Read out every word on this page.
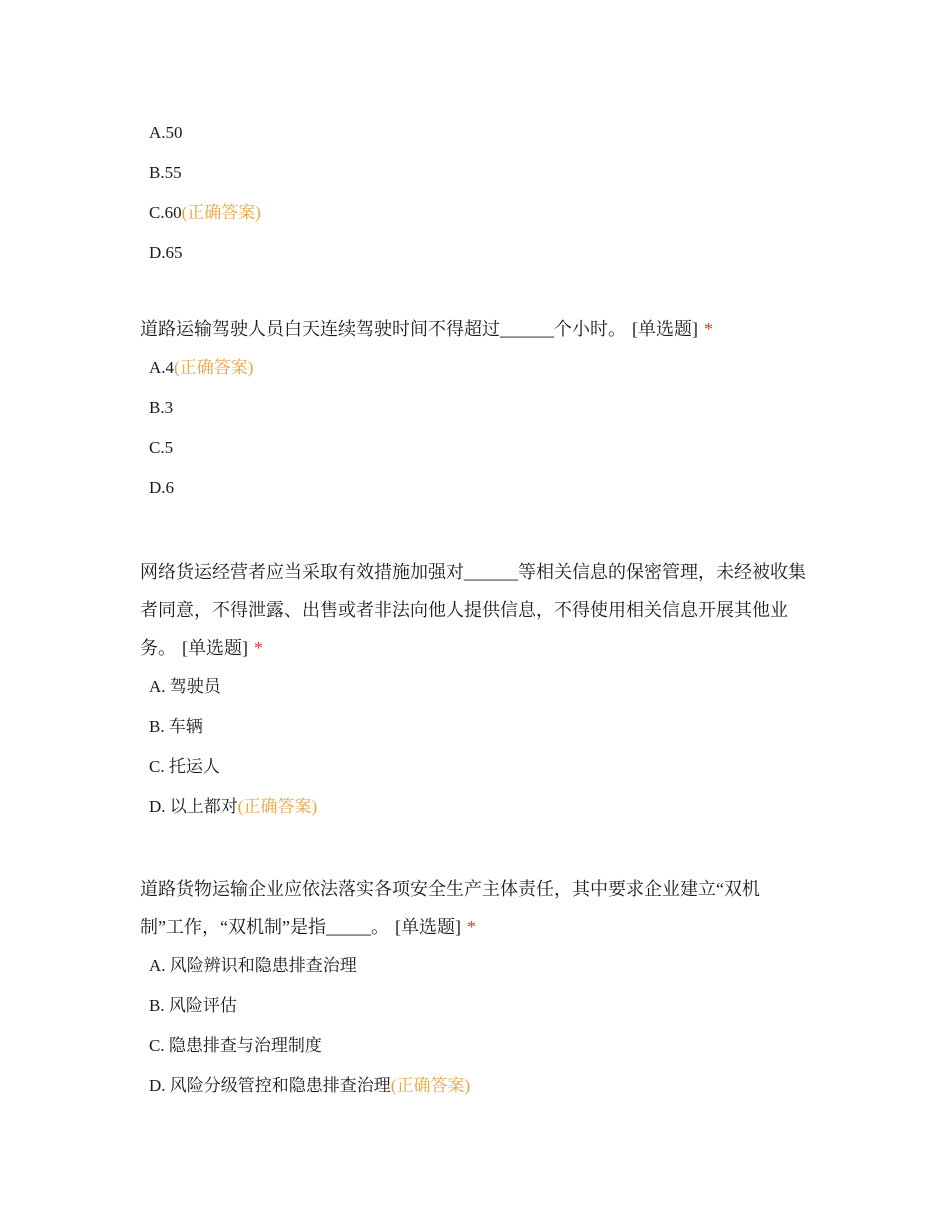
A.50
B.55
C.60(正确答案)
D.65
道路运输驾驶人员白天连续驾驶时间不得超过______个小时。 [单选题] *
A.4(正确答案)
B.3
C.5
D.6
网络货运经营者应当采取有效措施加强对______等相关信息的保密管理，未经被收集者同意，不得泄露、出售或者非法向他人提供信息，不得使用相关信息开展其他业务。 [单选题] *
A. 驾驶员
B. 车辆
C. 托运人
D. 以上都对(正确答案)
道路货物运输企业应依法落实各项安全生产主体责任，其中要求企业建立“双机制”工作，“双机制”是指_____。 [单选题] *
A. 风险辨识和隐患排查治理
B. 风险评估
C. 隐患排查与治理制度
D. 风险分级管控和隐患排查治理(正确答案)
